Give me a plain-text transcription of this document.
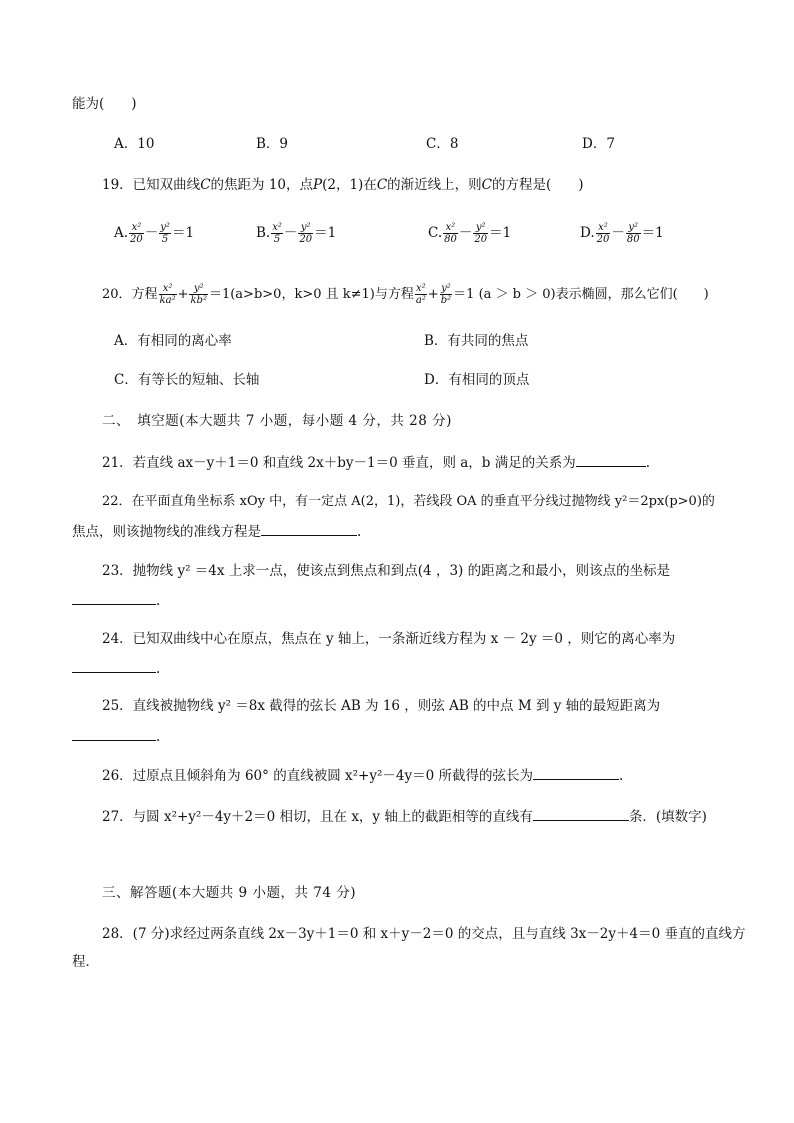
能为(　　)
A．10	B．9	C．8	D．7
19．已知双曲线C的焦距为 10，点P(2，1)在C的渐近线上，则C的方程是(　　)
A. $\frac{\text{x²}}{20} - \frac{\text{y²}}{5} =1$	B. $\frac{\text{x²}}{5} - \frac{\text{y²}}{20} =1$	C. $\frac{\text{x²}}{80} - \frac{\text{y²}}{20} =1$	D. $\frac{\text{x²}}{20} - \frac{\text{y²}}{80} =1$
20．方程 $\frac{\text{x²}}{\text{ka²}} + \frac{\text{y²}}{\text{kb²}} =1(a>b>0$，k>0 且 k≠1)与方程 $\frac{\text{x²}}{\text{a²}} + \frac{\text{y²}}{\text{b²}} =1$ (a ＞ b ＞ 0)表示椭圆，那么它们(　　)
A．有相同的离心率	B．有共同的焦点
C．有等长的短轴、长轴	D．有相同的顶点
二、　填空题(本大题共 7 小题，每小题 4 分，共 28 分)
21．若直线 ax－y＋1＝0 和直线 2x＋by－1＝0 垂直，则 a，b 满足的关系为	.
22．在平面直角坐标系 xOy 中，有一定点 A(2，1)，若线段 OA 的垂直平分线过抛物线 y²＝2px(p>0)的
焦点，则该抛物线的准线方程是	.
23．抛物线 y² ＝4x 上求一点，使该点到焦点和到点(4 ，3) 的距离之和最小，则该点的坐标是
.
24．已知双曲线中心在原点，焦点在 y 轴上，一条渐近线方程为 x － 2y ＝0 ，则它的离心率为
.
25．直线被抛物线 y² ＝8x 截得的弦长 AB 为 16 ，则弦 AB 的中点 M 到 y 轴的最短距离为
.
26．过原点且倾斜角为 60° 的直线被圆 x²+y²－4y＝0 所截得的弦长为	.
27．与圆 x²+y²－4y＋2＝0 相切，且在 x，y 轴上的截距相等的直线有	条．(填数字)
三、解答题(本大题共 9 小题，共 74 分)
28．(7 分)求经过两条直线 2x－3y＋1＝0 和 x＋y－2＝0 的交点，且与直线 3x－2y＋4＝0 垂直的直线方
程．
